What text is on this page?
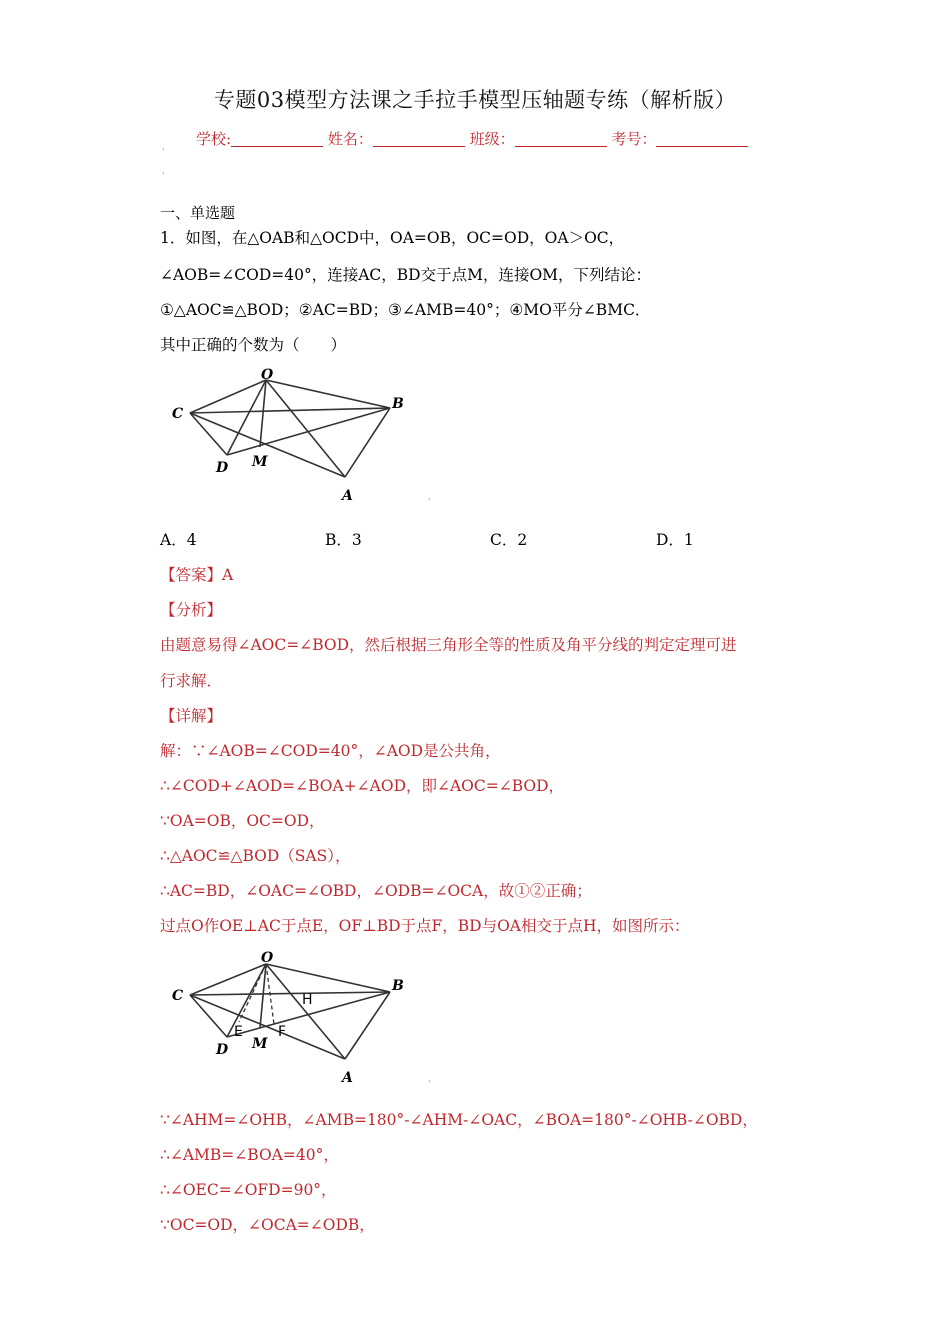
专题03模型方法课之手拉手模型压轴题专练（解析版）
学校:	姓名：	班级：	考号：
'
'
一、单选题
1．如图，在△OAB和△OCD中，OA=OB，OC=OD，OA＞OC，
∠AOB=∠COD=40°，连接AC，BD交于点M，连接OM，下列结论：
①△AOC≌△BOD；②AC=BD；③∠AMB=40°；④MO平分∠BMC．
其中正确的个数为（　　）
O
B
C
D M
A	'
A．4	B．3	C．2	D．1
【答案】A
【分析】
由题意易得∠AOC=∠BOD，然后根据三角形全等的性质及角平分线的判定定理可进
行求解．
【详解】
解：∵∠AOB=∠COD=40°，∠AOD是公共角，
∴∠COD+∠AOD=∠BOA+∠AOD，即∠AOC=∠BOD，
∵OA=OB，OC=OD，
∴△AOC≌△BOD（SAS），
∴AC=BD，∠OAC=∠OBD，∠ODB=∠OCA，故①②正确；
过点O作OE⊥AC于点E，OF⊥BD于点F，BD与OA相交于点H，如图所示：
O
B
C
D M
A
H
E	F
'
∵∠AHM=∠OHB，∠AMB=180°-∠AHM-∠OAC，∠BOA=180°-∠OHB-∠OBD，
∴∠AMB=∠BOA=40°，
∴∠OEC=∠OFD=90°，
∵OC=OD，∠OCA=∠ODB，
